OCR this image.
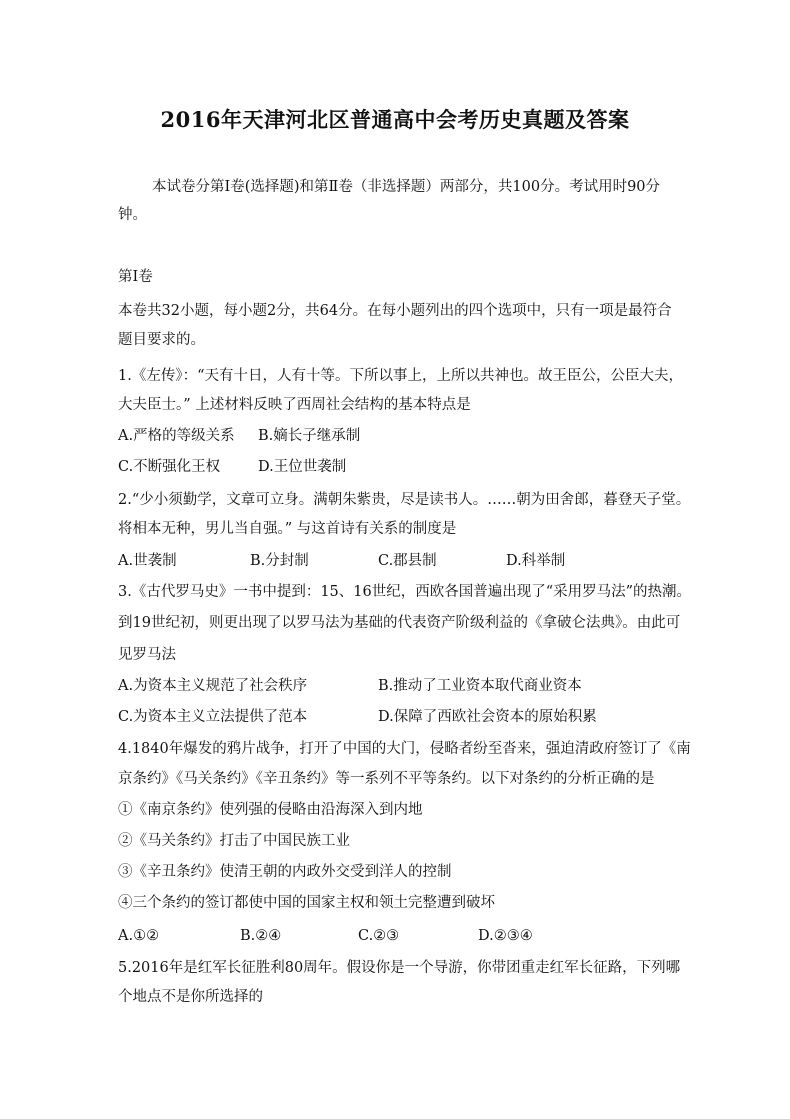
2016年天津河北区普通高中会考历史真题及答案
本试卷分第Ⅰ卷(选择题)和第Ⅱ卷（非选择题）两部分，共100分。考试用时90分
钟。
第Ⅰ卷
本卷共32小题，每小题2分，共64分。在每小题列出的四个选项中，只有一项是最符合
题目要求的。
1.《左传》：“天有十日，人有十等。下所以事上，上所以共神也。故王臣公，公臣大夫，
大夫臣士。” 上述材料反映了西周社会结构的基本特点是
A.严格的等级关系 B.嫡长子继承制
C.不断强化王权	D.王位世袭制
2.“少小须勤学，文章可立身。满朝朱紫贵，尽是读书人。……朝为田舍郎，暮登天子堂。
将相本无种，男儿当自强。” 与这首诗有关系的制度是
A.世袭制	B.分封制	C.郡县制	D.科举制
3.《古代罗马史》一书中提到：15、16世纪，西欧各国普遍出现了“采用罗马法”的热潮。
到19世纪初，则更出现了以罗马法为基础的代表资产阶级利益的《拿破仑法典》。由此可
见罗马法
A.为资本主义规范了社会秩序	B.推动了工业资本取代商业资本
C.为资本主义立法提供了范本	D.保障了西欧社会资本的原始积累
4.1840年爆发的鸦片战争，打开了中国的大门，侵略者纷至沓来，强迫清政府签订了《南
京条约》《马关条约》《辛丑条约》等一系列不平等条约。以下对条约的分析正确的是
①《南京条约》使列强的侵略由沿海深入到内地
②《马关条约》打击了中国民族工业
③《辛丑条约》使清王朝的内政外交受到洋人的控制
④三个条约的签订都使中国的国家主权和领土完整遭到破坏
A.①②	B.②④	C.②③	D.②③④
5.2016年是红军长征胜利80周年。假设你是一个导游，你带团重走红军长征路，下列哪
个地点不是你所选择的
